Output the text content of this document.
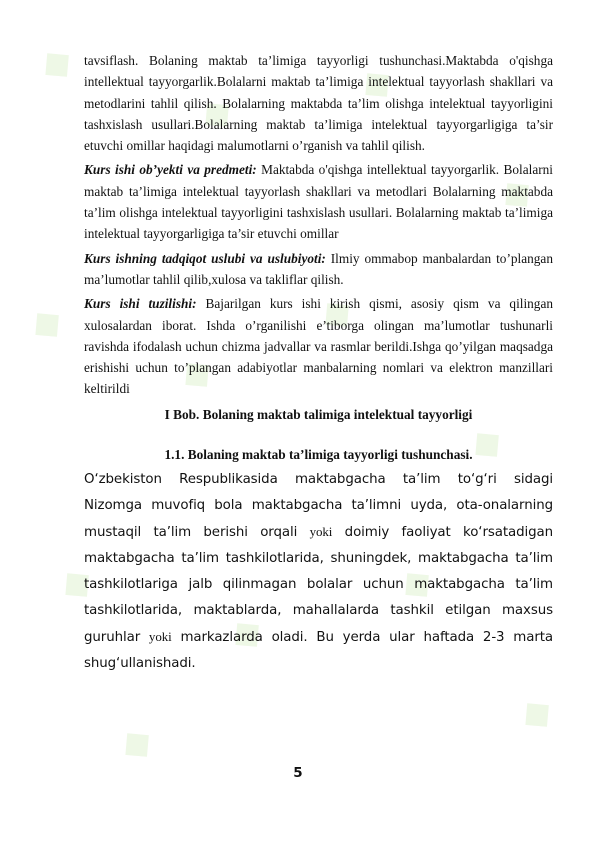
◆
◆
◆
◆
◆
◆
◆
◆
◆
◆
◆
◆
◆

tavsiflash. Bolaning maktab ta’limiga tayyorligi tushunchasi.Maktabda o'qishga intellektual tayyorgarlik.Bolalarni maktab ta’limiga intelektual tayyorlash shakllari va metodlarini tahlil qilish. Bolalarning maktabda ta’lim olishga intelektual tayyorligini tashxislash usullari.Bolalarning maktab ta’limiga intelektual tayyorgarligiga ta’sir etuvchi omillar haqidagi malumotlarni o’rganish va tahlil qilish.

Kurs ishi ob’yekti va predmeti: Maktabda o'qishga intellektual tayyorgarlik. Bolalarni maktab ta’limiga intelektual tayyorlash shakllari va metodlari Bolalarning maktabda ta’lim olishga intelektual tayyorligini tashxislash usullari. Bolalarning maktab ta’limiga intelektual tayyorgarligiga ta’sir etuvchi omillar

Kurs ishning tadqiqot uslubi va uslubiyoti: Ilmiy ommabop manbalardan to’plangan ma’lumotlar tahlil qilib,xulosa va takliflar qilish.

Kurs ishi tuzilishi: Bajarilgan kurs ishi kirish qismi, asosiy qism va qilingan xulosalardan iborat. Ishda o’rganilishi e’tiborga olingan ma’lumotlar tushunarli ravishda ifodalash uchun chizma jadvallar va rasmlar berildi.Ishga qo’yilgan maqsadga erishishi uchun to’plangan adabiyotlar manbalarning nomlari va elektron manzillari keltirildi

I Bob. Bolaning maktab talimiga intelektual tayyorligi

1.1. Bolaning maktab ta’limiga tayyorligi tushunchasi.

O‘zbekiston Respublikasida maktabgacha ta’lim to‘g‘ri sidagi Nizomga muvofiq bola maktabgacha ta’limni uyda, ota-onalarning mustaqil ta’lim berishi orqali yoki doimiy faoliyat ko‘rsatadigan maktabgacha ta’lim tashkilotlarida, shuningdek, maktabgacha ta’lim tashkilotlariga jalb qilinmagan bolalar uchun maktabgacha ta’lim tashkilotlarida, maktablarda, mahallalarda tashkil etilgan maxsus guruhlar yoki markazlarda oladi. Bu yerda ular haftada 2-3 marta shug‘ullanishadi.

5
